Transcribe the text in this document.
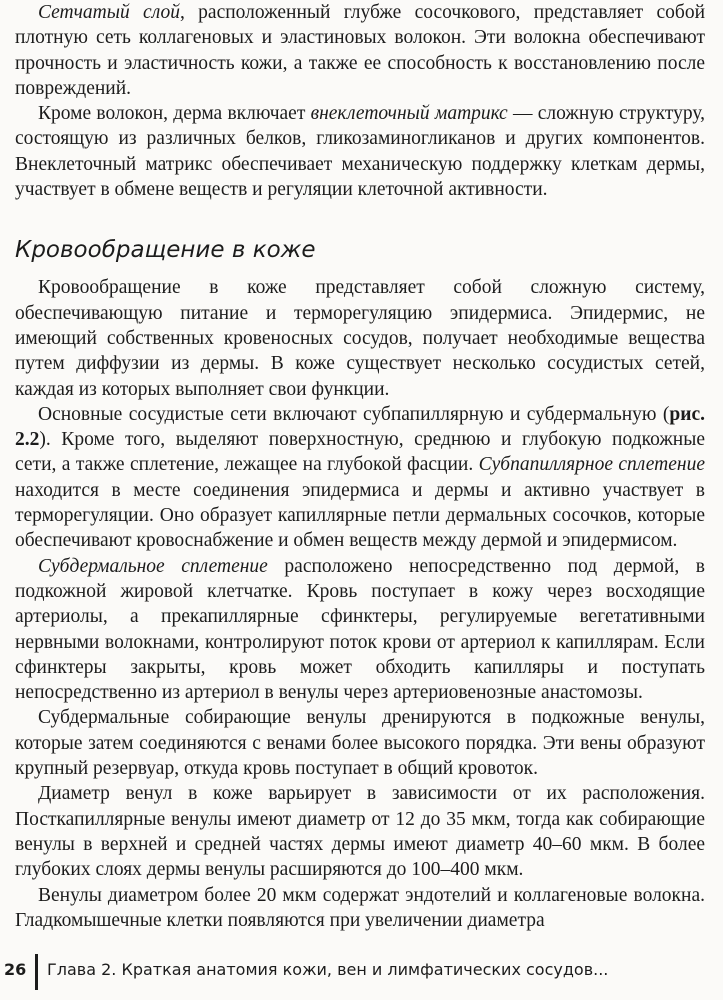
Сетчатый слой, расположенный глубже сосочкового, представляет собой плотную сеть коллагеновых и эластиновых волокон. Эти волокна обеспечивают прочность и эластичность кожи, а также ее способность к восстановлению после повреждений.

Кроме волокон, дерма включает внеклеточный матрикс — сложную структуру, состоящую из различных белков, гликозаминогликанов и других компонентов. Внеклеточный матрикс обеспечивает механическую поддержку клеткам дермы, участвует в обмене веществ и регуляции клеточной активности.

Кровообращение в коже

Кровообращение в коже представляет собой сложную систему, обеспечивающую питание и терморегуляцию эпидермиса. Эпидермис, не имеющий собственных кровеносных сосудов, получает необходимые вещества путем диффузии из дермы. В коже существует несколько сосудистых сетей, каждая из которых выполняет свои функции.

Основные сосудистые сети включают субпапиллярную и субдермальную (рис. 2.2). Кроме того, выделяют поверхностную, среднюю и глубокую подкожные сети, а также сплетение, лежащее на глубокой фасции. Субпапиллярное сплетение находится в месте соединения эпидермиса и дермы и активно участвует в терморегуляции. Оно образует капиллярные петли дермальных сосочков, которые обеспечивают кровоснабжение и обмен веществ между дермой и эпидермисом.

Субдермальное сплетение расположено непосредственно под дермой, в подкожной жировой клетчатке. Кровь поступает в кожу через восходящие артериолы, а прекапиллярные сфинктеры, регулируемые вегетативными нервными волокнами, контролируют поток крови от артериол к капиллярам. Если сфинктеры закрыты, кровь может обходить капилляры и поступать непосредственно из артериол в венулы через артериовенозные анастомозы.

Субдермальные собирающие венулы дренируются в подкожные венулы, которые затем соединяются с венами более высокого порядка. Эти вены образуют крупный резервуар, откуда кровь поступает в общий кровоток.

Диаметр венул в коже варьирует в зависимости от их расположения. Посткапиллярные венулы имеют диаметр от 12 до 35 мкм, тогда как собирающие венулы в верхней и средней частях дермы имеют диаметр 40–60 мкм. В более глубоких слоях дермы венулы расширяются до 100–400 мкм.

Венулы диаметром более 20 мкм содержат эндотелий и коллагеновые волокна. Гладкомышечные клетки появляются при увеличении диаметра

26 Глава 2. Краткая анатомия кожи, вен и лимфатических сосудов...
